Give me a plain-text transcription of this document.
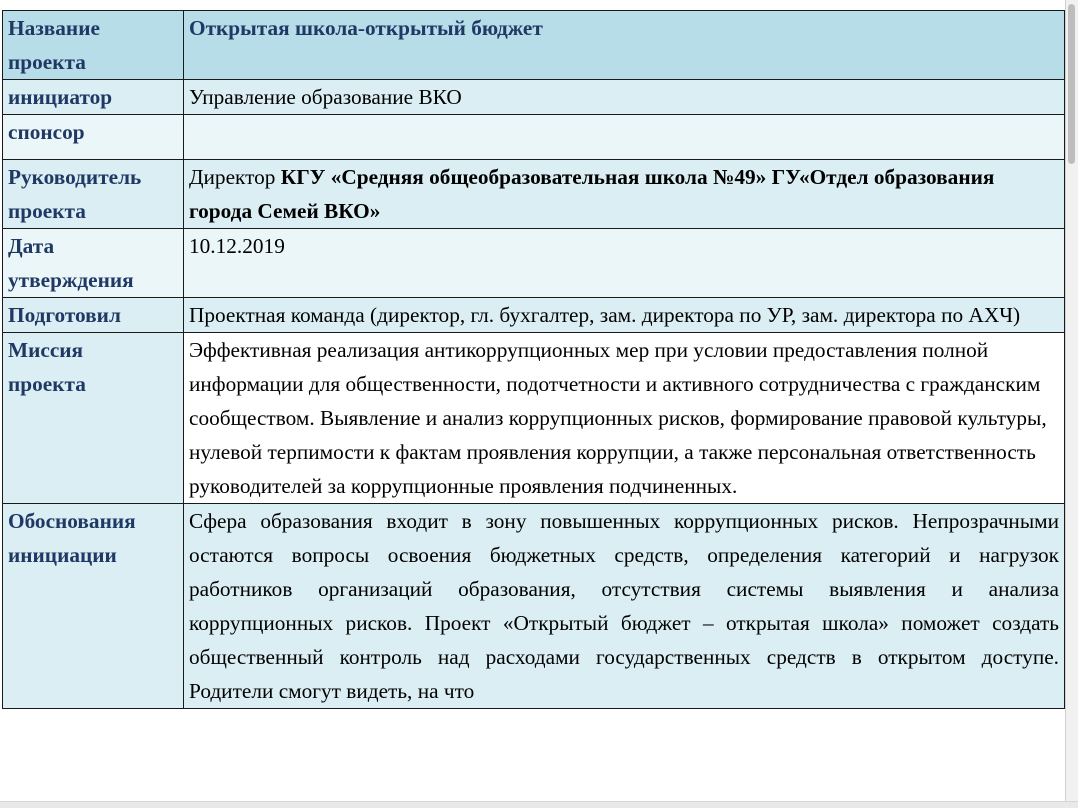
Название
проекта	Открытая школа-открытый бюджет
инициатор	Управление образование ВКО
спонсор	
Руководитель
проекта	Директор КГУ «Средняя общеобразовательная школа №49» ГУ«Отдел образования города Семей ВКО»
Дата
утверждения	10.12.2019
Подготовил	Проектная команда (директор, гл. бухгалтер, зам. директора по УР, зам. директора по АХЧ)
Миссия
проекта	Эффективная реализация антикоррупционных мер при условии предоставления полной информации для общественности, подотчетности и активного сотрудничества с гражданским сообществом. Выявление и анализ коррупционных рисков, формирование правовой культуры, нулевой терпимости к фактам проявления коррупции, а также персональная ответственность руководителей за коррупционные проявления подчиненных.
Обоснования
инициации	Сфера образования входит в зону повышенных коррупционных рисков. Непрозрачными остаются вопросы освоения бюджетных средств, определения категорий и нагрузок работников организаций образования, отсутствия системы выявления и анализа коррупционных рисков. Проект «Открытый бюджет – открытая школа» поможет создать общественный контроль над расходами государственных средств в открытом доступе. Родители смогут видеть, на что
